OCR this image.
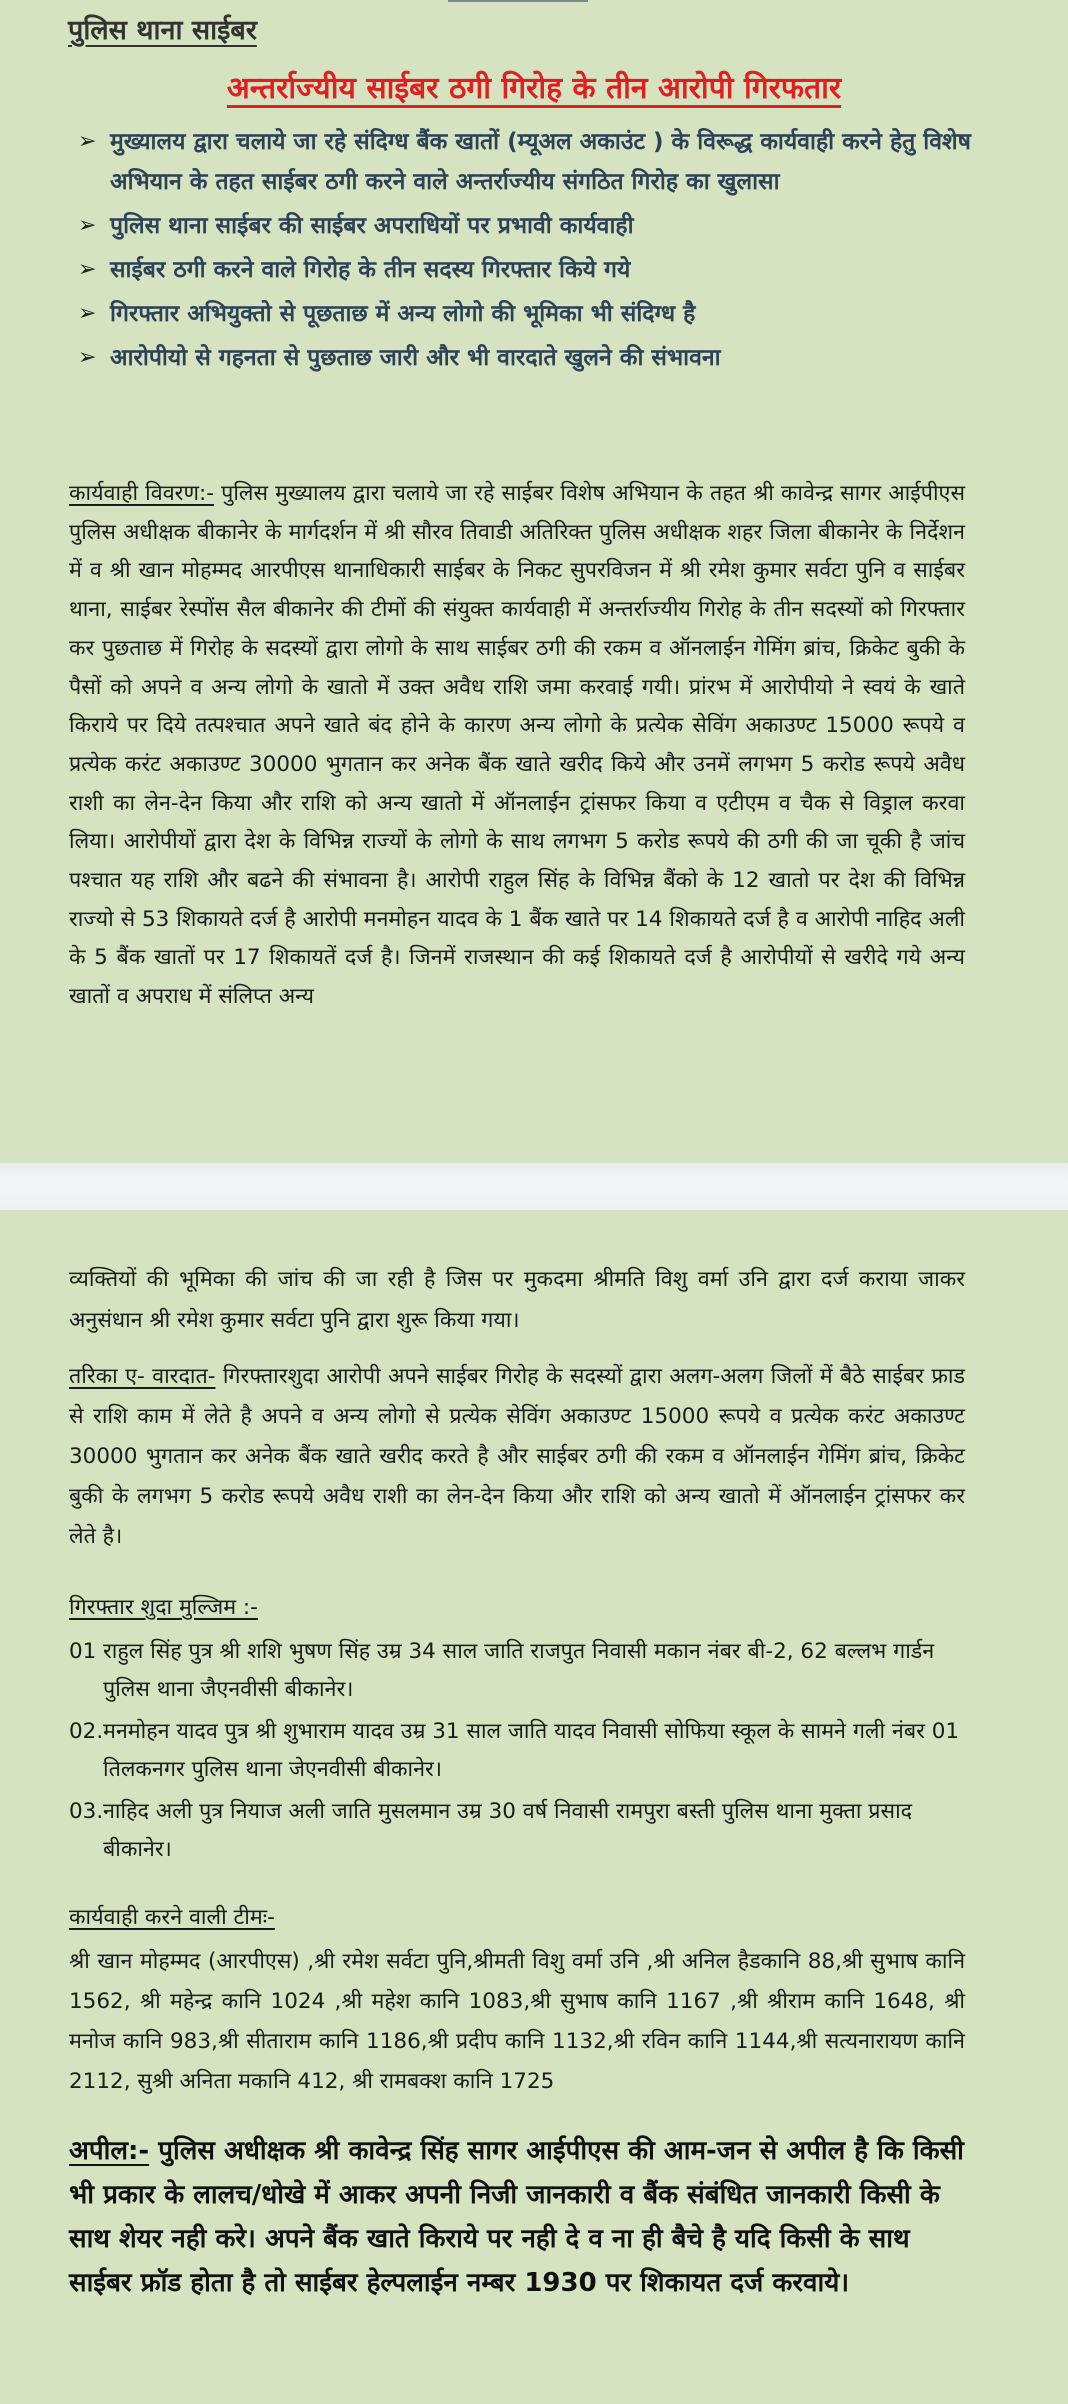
पुलिस थाना साईबर
अन्तर्राज्यीय साईबर ठगी गिरोह के तीन आरोपी गिरफतार
➢ मुख्यालय द्वारा चलाये जा रहे संदिग्ध बैंक खातों (म्यूअल अकाउंट ) के विरूद्ध कार्यवाही करने हेतु विशेष अभियान के तहत साईबर ठगी करने वाले अन्तर्राज्यीय संगठित गिरोह का खुलासा
➢ पुलिस थाना साईबर की साईबर अपराधियों पर प्रभावी कार्यवाही
➢ साईबर ठगी करने वाले गिरोह के तीन सदस्य गिरफ्तार किये गये
➢ गिरफ्तार अभियुक्तो से पूछताछ में अन्य लोगो की भूमिका भी संदिग्ध है
➢ आरोपीयो से गहनता से पुछताछ जारी और भी वारदाते खुलने की संभावना
कार्यवाही विवरण:- पुलिस मुख्यालय द्वारा चलाये जा रहे साईबर विशेष अभियान के तहत श्री कावेन्द्र सागर आईपीएस पुलिस अधीक्षक बीकानेर के मार्गदर्शन में श्री सौरव तिवाडी अतिरिक्त पुलिस अधीक्षक शहर जिला बीकानेर के निर्देशन में व श्री खान मोहम्मद आरपीएस थानाधिकारी साईबर के निकट सुपरविजन में श्री रमेश कुमार सर्वटा पुनि व साईबर थाना, साईबर रेस्पोंस सैल बीकानेर की टीमों की संयुक्त कार्यवाही में अन्तर्राज्यीय गिरोह के तीन सदस्यों को गिरफ्तार कर पुछताछ में गिरोह के सदस्यों द्वारा लोगो के साथ साईबर ठगी की रकम व ऑनलाईन गेमिंग ब्रांच, क्रिकेट बुकी के पैसों को अपने व अन्य लोगो के खातो में उक्त अवैध राशि जमा करवाई गयी। प्रांरभ में आरोपीयो ने स्वयं के खाते किराये पर दिये तत्पश्चात अपने खाते बंद होने के कारण अन्य लोगो के प्रत्येक सेविंग अकाउण्ट 15000 रूपये व प्रत्येक करंट अकाउण्ट 30000 भुगतान कर अनेक बैंक खाते खरीद किये और उनमें लगभग 5 करोड रूपये अवैध राशी का लेन-देन किया और राशि को अन्य खातो में ऑनलाईन ट्रांसफर किया व एटीएम व चैक से विड्राल करवा लिया। आरोपीयों द्वारा देश के विभिन्न राज्यों के लोगो के साथ लगभग 5 करोड रूपये की ठगी की जा चूकी है जांच पश्चात यह राशि और बढने की संभावना है। आरोपी राहुल सिंह के विभिन्न बैंको के 12 खातो पर देश की विभिन्न राज्यो से 53 शिकायते दर्ज है आरोपी मनमोहन यादव के 1 बैंक खाते पर 14 शिकायते दर्ज है व आरोपी नाहिद अली के 5 बैंक खातों पर 17 शिकायतें दर्ज है। जिनमें राजस्थान की कई शिकायते दर्ज है आरोपीयों से खरीदे गये अन्य खातों व अपराध में संलिप्त अन्य
व्यक्तियों की भूमिका की जांच की जा रही है जिस पर मुकदमा श्रीमति विशु वर्मा उनि द्वारा दर्ज कराया जाकर अनुसंधान श्री रमेश कुमार सर्वटा पुनि द्वारा शुरू किया गया।
तरिका ए- वारदात- गिरफ्तारशुदा आरोपी अपने साईबर गिरोह के सदस्यों द्वारा अलग-अलग जिलों में बैठे साईबर फ्राड से राशि काम में लेते है अपने व अन्य लोगो से प्रत्येक सेविंग अकाउण्ट 15000 रूपये व प्रत्येक करंट अकाउण्ट 30000 भुगतान कर अनेक बैंक खाते खरीद करते है और साईबर ठगी की रकम व ऑनलाईन गेमिंग ब्रांच, क्रिकेट बुकी के लगभग 5 करोड रूपये अवैध राशी का लेन-देन किया और राशि को अन्य खातो में ऑनलाईन ट्रांसफर कर लेते है।
गिरफ्तार शुदा मुल्जिम :-
01 राहुल सिंह पुत्र श्री शशि भुषण सिंह उम्र 34 साल जाति राजपुत निवासी मकान नंबर बी-2, 62 बल्लभ गार्डन पुलिस थाना जैएनवीसी बीकानेर।
02.मनमोहन यादव पुत्र श्री शुभाराम यादव उम्र 31 साल जाति यादव निवासी सोफिया स्कूल के सामने गली नंबर 01 तिलकनगर पुलिस थाना जेएनवीसी बीकानेर।
03.नाहिद अली पुत्र नियाज अली जाति मुसलमान उम्र 30 वर्ष निवासी रामपुरा बस्ती पुलिस थाना मुक्ता प्रसाद बीकानेर।
कार्यवाही करने वाली टीमः-
श्री खान मोहम्मद (आरपीएस) ,श्री रमेश सर्वटा पुनि,श्रीमती विशु वर्मा उनि ,श्री अनिल हैडकानि 88,श्री सुभाष कानि 1562, श्री महेन्द्र कानि 1024 ,श्री महेश कानि 1083,श्री सुभाष कानि 1167 ,श्री श्रीराम कानि 1648, श्री मनोज कानि 983,श्री सीताराम कानि 1186,श्री प्रदीप कानि 1132,श्री रविन कानि 1144,श्री सत्यनारायण कानि 2112, सुश्री अनिता मकानि 412, श्री रामबक्श कानि 1725
अपील:- पुलिस अधीक्षक श्री कावेन्द्र सिंह सागर आईपीएस की आम-जन से अपील है कि किसी भी प्रकार के लालच/धोखे में आकर अपनी निजी जानकारी व बैंक संबंधित जानकारी किसी के साथ शेयर नही करे। अपने बैंक खाते किराये पर नही दे व ना ही बैचे है यदि किसी के साथ साईबर फ्रॉड होता है तो साईबर हेल्पलाईन नम्बर 1930 पर शिकायत दर्ज करवाये।
